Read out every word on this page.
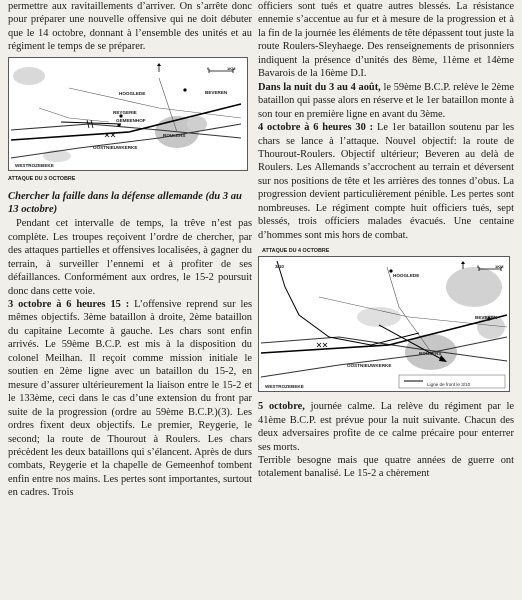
permettre aux ravitaillements d’arriver. On s’arrête donc pour préparer une nouvelle offensive qui ne doit débuter que le 14 octobre, donnant à l’ensemble des unités et au régiment le temps de se préparer.

HOOGLEDE	BEVEREN
REYGERIE
GEMEENHOF
ROULERS
OOSTNIEUWKERKE
WESTROZEBEKE
0	1KM
ATTAQUE DU 3 OCTOBRE
Chercher la faille dans la défense allemande (du 3 au 13 octobre)

Pendant cet intervalle de temps, la trêve n’est pas complète. Les troupes reçoivent l’ordre de chercher, par des attaques partielles et offensives localisées, à gagner du terrain, à surveiller l’ennemi et à profiter de ses défaillances. Conformément aux ordres, le 15-2 poursuit donc dans cette voie.

3 octobre à 6 heures 15 : L’offensive reprend sur les mêmes objectifs. 3ème bataillon à droite, 2ème bataillon du capitaine Lecomte à gauche. Les chars sont enfin arrivés. Le 59ème B.C.P. est mis à la disposition du colonel Meilhan. Il reçoit comme mission initiale le soutien en 2ème ligne avec un bataillon du 15-2, en mesure d’assurer ultérieurement la liaison entre le 15-2 et le 133ème, ceci dans le cas d’une extension du front par suite de la progression (ordre au 59ème B.C.P.)(3). Les ordres fixent deux objectifs. Le premier, Reygerie, le second; la route de Thourout à Roulers. Les chars précèdent les deux bataillons qui s’élancent. Après de durs combats, Reygerie et la chapelle de Gemeenhof tombent enfin entre nos mains. Les pertes sont importantes, surtout en cadres. Trois

officiers sont tués et quatre autres blessés. La résistance ennemie s’accentue au fur et à mesure de la progression et à la fin de la journée les éléments de tête dépassent tout juste la route Roulers-Sleyhaege. Des renseignements de prisonniers indiquent la présence d’unités des 8ème, 11ème et 14ème Bavarois de la 16ème D.I.

Dans la nuit du 3 au 4 août, le 59ème B.C.P. relève le 2ème bataillon qui passe alors en réserve et le 1er bataillon monte à son tour en première ligne en avant du 3ème.

4 octobre à 6 heures 30 : Le 1er bataillon soutenu par les chars se lance à l’attaque. Nouvel objectif: la route de Thourout-Roulers. Objectif ultérieur; Beveren au delà de Roulers. Les Allemands s’accrochent au terrain et déversent sur nos positions de tête et les arrières des tonnes d’obus. La progression devient particulièrement pénible. Les pertes sont nombreuses. Le régiment compte huit officiers tués, sept blessés, trois officiers malades évacués. Une centaine d’hommes sont mis hors de combat.

ATTAQUE DU 4 OCTOBRE
3/10
HOOGLEDE
BEVEREN
ROULERS
OOSTNIEUWKERKE
WESTROZEBEKE	Ligne de front le 3/10
0	1KM

5 octobre, journée calme. La relève du régiment par le 41ème B.C.P. est prévue pour la nuit suivante. Chacun des deux adversaires profite de ce calme précaire pour enterrer ses morts.

Terrible besogne mais que quatre années de guerre ont totalement banalisé. Le 15-2 a chèrement
